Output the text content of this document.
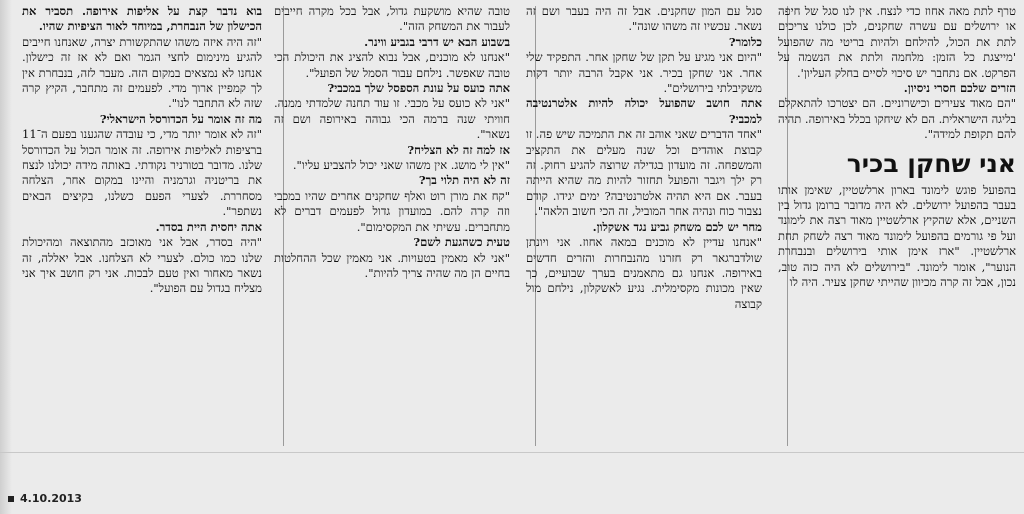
טרף לתת מאה אחוז כדי לנצח. אין לנו סגל של חיפה או ירושלים עם עשרה שחקנים, לכן כולנו צריכים לתת את הכול, להילחם ולהיות בריטי מה שהפועל 'מייצגת כל הזמן: מלחמה ולתת את הנשמה על הפרקט. אם נתחבר יש סיכוי לסיים בחלק העליון'.

הזרים שלכם חסרי ניסיון.

"הם מאוד צעירים וכישרוניים. הם יצטרכו להתאקלם בליגה הישראלית. הם לא שיחקו בכלל באירופה. תהיה להם תקופת למידה".

אני שחקן בכיר

בהפועל פוגש לימונד בארון ארלשטיין, שאימן אותו בעבר בהפועל ירושלים. לא היה מדובר ברומן גדול בין השניים, אלא שהקיץ ארלשטיין מאוד רצה את לימונד ועל פי גורמים בהפועל לימונד מאוד רצה לשחק תחת ארלשטיין. "ארז אימן אותי בירושלים ובנבחרת הנוער", אומר לימונד. "בירושלים לא היה כזה טוב, נכון, אבל זה קרה מכיוון שהייתי שחקן צעיר. היה לו

סגל עם המון שחקנים. אבל זה היה בעבר ושם זה נשאר. עכשיו זה משהו שונה".

כלומר?

"היום אני מגיע על תקן של שחקן אחר. התפקיד שלי אחר. אני שחקן בכיר. אני אקבל הרבה יותר דקות משקיבלתי בירושלים".

אתה חושב שהפועל יכולה להיות אלטרנטיבה למכבי?

"אחד הדברים שאני אוהב זה את התמיכה שיש פה. זו קבוצת אוהדים וכל שנה מעלים את התקציב והמשפחה. זה מועדון בגדילה שרוצה להגיע רחוק. זה רק ילך ויגבר והפועל תחזור להיות מה שהיא הייתה בעבר. אם היא תהיה אלטרנטיבה? ימים יגידו. קודם נצבור כוח ונהיה אחר המוביל, זה הכי חשוב הלאה".

מחר יש לכם משחק גביע נגד אשקלון.

"אנחנו עדיין לא מוכנים במאה אחוז. אני ויונתן שולדברגאר רק חזרנו מהנבחרות והזרים חדשים באירופה. אנחנו גם מתאמנים בערך שבועיים, כך שאין מכונות מקסימלית. נגיע לאשקלון, נילחם מול קבוצה

טובה שהיא מושקעת גדול, אבל בכל מקרה חייבים לעבור את המשחק הזה".

בשבוע הבא יש דרבי בגביע ווינר.

"אנחנו לא מוכנים, אבל נבוא להציג את היכולת הכי טובה שאפשר. נילחם עבור הסמל של הפועל".

אתה כועס על עונת הספסל שלך במכבי?

"אני לא כועס על מכבי. זו עוד תחנה שלמדתי ממנה. חוויתי שנה ברמה הכי גבוהה באירופה ושם זה נשאר".

אז למה זה לא הצליח?

"אין לי מושג. אין משהו שאני יכול להצביע עליו".

זה לא היה תלוי בך?

"קח את מורן רוט ואלף שחקנים אחרים שהיו במכבי וזה קרה להם. במועדון גדול לפעמים דברים לא מתחברים. עשיתי את המקסימום".

טעית כשהגעת לשם?

"אני לא מאמין בטעויות. אני מאמין שכל ההחלטות בחיים הן מה שהיה צריך להיות".

בוא נדבר קצת על אליפות אירופה. תסביר את הכישלון של הנבחרת, במיוחד לאור הציפיות שהיו.

"זה היה איזה משהו שהתקשורת יצרה, שאנחנו חייבים להגיע מינימום לחצי הגמר ואם לא אז זה כישלון. אנחנו לא נמצאים במקום הזה. מעבר לזה, בנבחרת אין לך קמפיין ארוך מדי. לפעמים זה מתחבר, הקיץ קרה שזה לא התחבר לנו".

מה זה אומר על הכדורסל הישראלי?

"זה לא אומר יותר מדי, כי עובדה שהגענו בפעם ה־11 ברציפות לאליפות אירופה. זה אומר הכול על הכדורסל שלנו. מדובר בטורניר נקודתי. באותה מידה יכולנו לנצח את בריטניה וגרמניה והיינו במקום אחר, הצלחה מסחררת. לצערי הפעם כשלנו, בקיצים הבאים נשתפר".

אתה יחסית היית בסדר.

"היה בסדר, אבל אני מאוכזב מהתוצאה ומהיכולת שלנו כמו כולם. לצערי לא הצלחנו. אבל יאללה, זה נשאר מאחור ואין טעם לבכות. אני רק חושב איך אני מצליח בגדול עם הפועל".

4.10.2013
